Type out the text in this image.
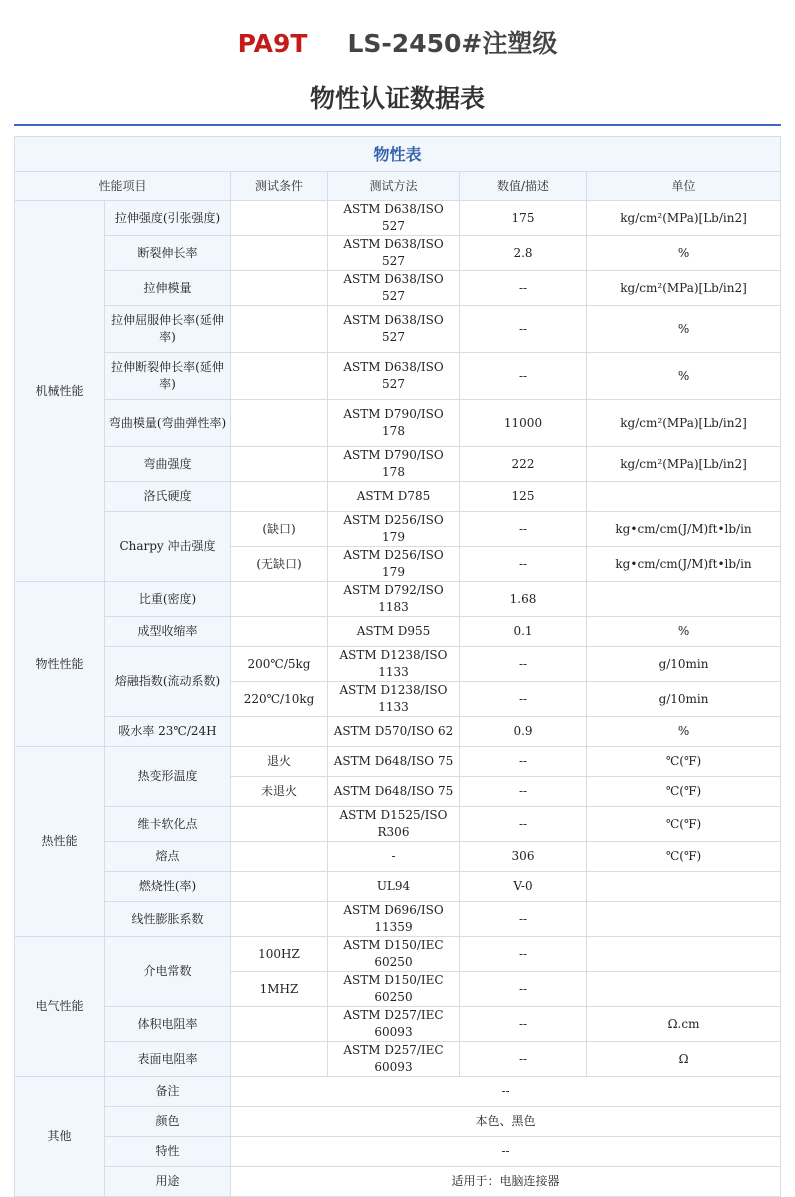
PA9T LS-2450#注塑级
物性认证数据表
物性表					
性能项目		测试条件	测试方法	数值/描述	单位
机械性能	拉伸强度(引张强度)		ASTM D638/ISO 527	175	kg/cm²(MPa)[Lb/in2]
	断裂伸长率		ASTM D638/ISO 527	2.8	%
	拉伸模量		ASTM D638/ISO 527	--	kg/cm²(MPa)[Lb/in2]
	拉伸屈服伸长率(延伸率)		ASTM D638/ISO 527	--	%
	拉伸断裂伸长率(延伸率)		ASTM D638/ISO 527	--	%
	弯曲模量(弯曲弹性率)		ASTM D790/ISO 178	11000	kg/cm²(MPa)[Lb/in2]
	弯曲强度		ASTM D790/ISO 178	222	kg/cm²(MPa)[Lb/in2]
	洛氏硬度		ASTM D785	125	
	Charpy 冲击强度	(缺口)	ASTM D256/ISO 179	--	kg•cm/cm(J/M)ft•lb/in
		(无缺口)	ASTM D256/ISO 179	--	kg•cm/cm(J/M)ft•lb/in
物性性能	比重(密度)		ASTM D792/ISO 1183	1.68	
	成型收缩率		ASTM D955	0.1	%
	熔融指数(流动系数)	200℃/5kg	ASTM D1238/ISO 1133	--	g/10min
		220℃/10kg	ASTM D1238/ISO 1133	--	g/10min
	吸水率 23℃/24H		ASTM D570/ISO 62	0.9	%
热性能	热变形温度	退火	ASTM D648/ISO 75	--	℃(℉)
		未退火	ASTM D648/ISO 75	--	℃(℉)
	维卡软化点		ASTM D1525/ISO R306	--	℃(℉)
	熔点		-	306	℃(℉)
	燃烧性(率)		UL94	V-0	
	线性膨胀系数		ASTM D696/ISO 11359	--	
电气性能	介电常数	100HZ	ASTM D150/IEC 60250	--	
		1MHZ	ASTM D150/IEC 60250	--	
	体积电阻率		ASTM D257/IEC 60093	--	Ω.cm
	表面电阻率		ASTM D257/IEC 60093	--	Ω
其他	备注	--			
	颜色	本色、黑色			
	特性	--			
	用途	适用于：电脑连接器			
